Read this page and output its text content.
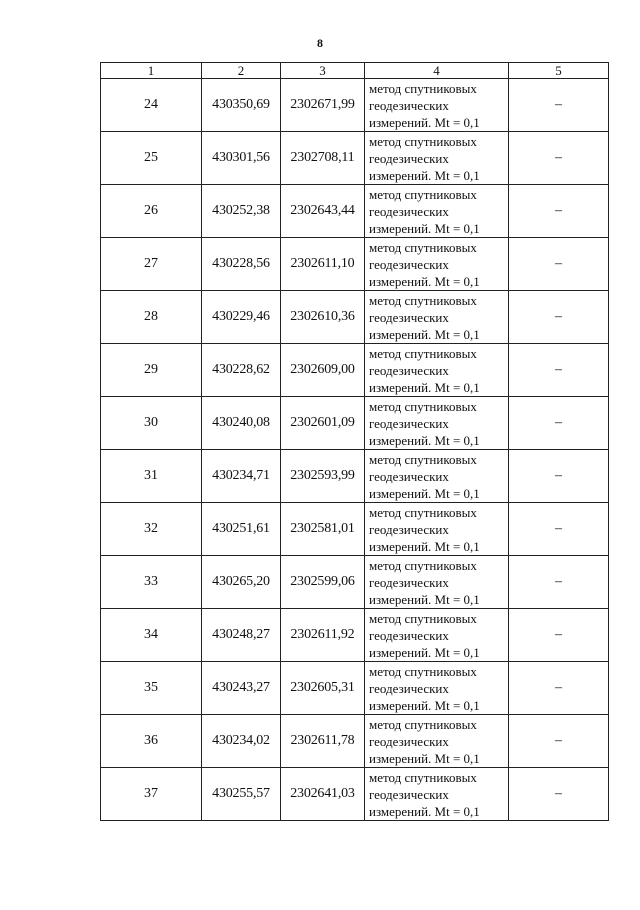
8
1	2	3	4	5
24	430350,69	2302671,99	метод спутниковых геодезических измерений. Mt = 0,1	–
25	430301,56	2302708,11	метод спутниковых геодезических измерений. Mt = 0,1	–
26	430252,38	2302643,44	метод спутниковых геодезических измерений. Mt = 0,1	–
27	430228,56	2302611,10	метод спутниковых геодезических измерений. Mt = 0,1	–
28	430229,46	2302610,36	метод спутниковых геодезических измерений. Mt = 0,1	–
29	430228,62	2302609,00	метод спутниковых геодезических измерений. Mt = 0,1	–
30	430240,08	2302601,09	метод спутниковых геодезических измерений. Mt = 0,1	–
31	430234,71	2302593,99	метод спутниковых геодезических измерений. Mt = 0,1	–
32	430251,61	2302581,01	метод спутниковых геодезических измерений. Mt = 0,1	–
33	430265,20	2302599,06	метод спутниковых геодезических измерений. Mt = 0,1	–
34	430248,27	2302611,92	метод спутниковых геодезических измерений. Mt = 0,1	–
35	430243,27	2302605,31	метод спутниковых геодезических измерений. Mt = 0,1	–
36	430234,02	2302611,78	метод спутниковых геодезических измерений. Mt = 0,1	–
37	430255,57	2302641,03	метод спутниковых геодезических измерений. Mt = 0,1	–
